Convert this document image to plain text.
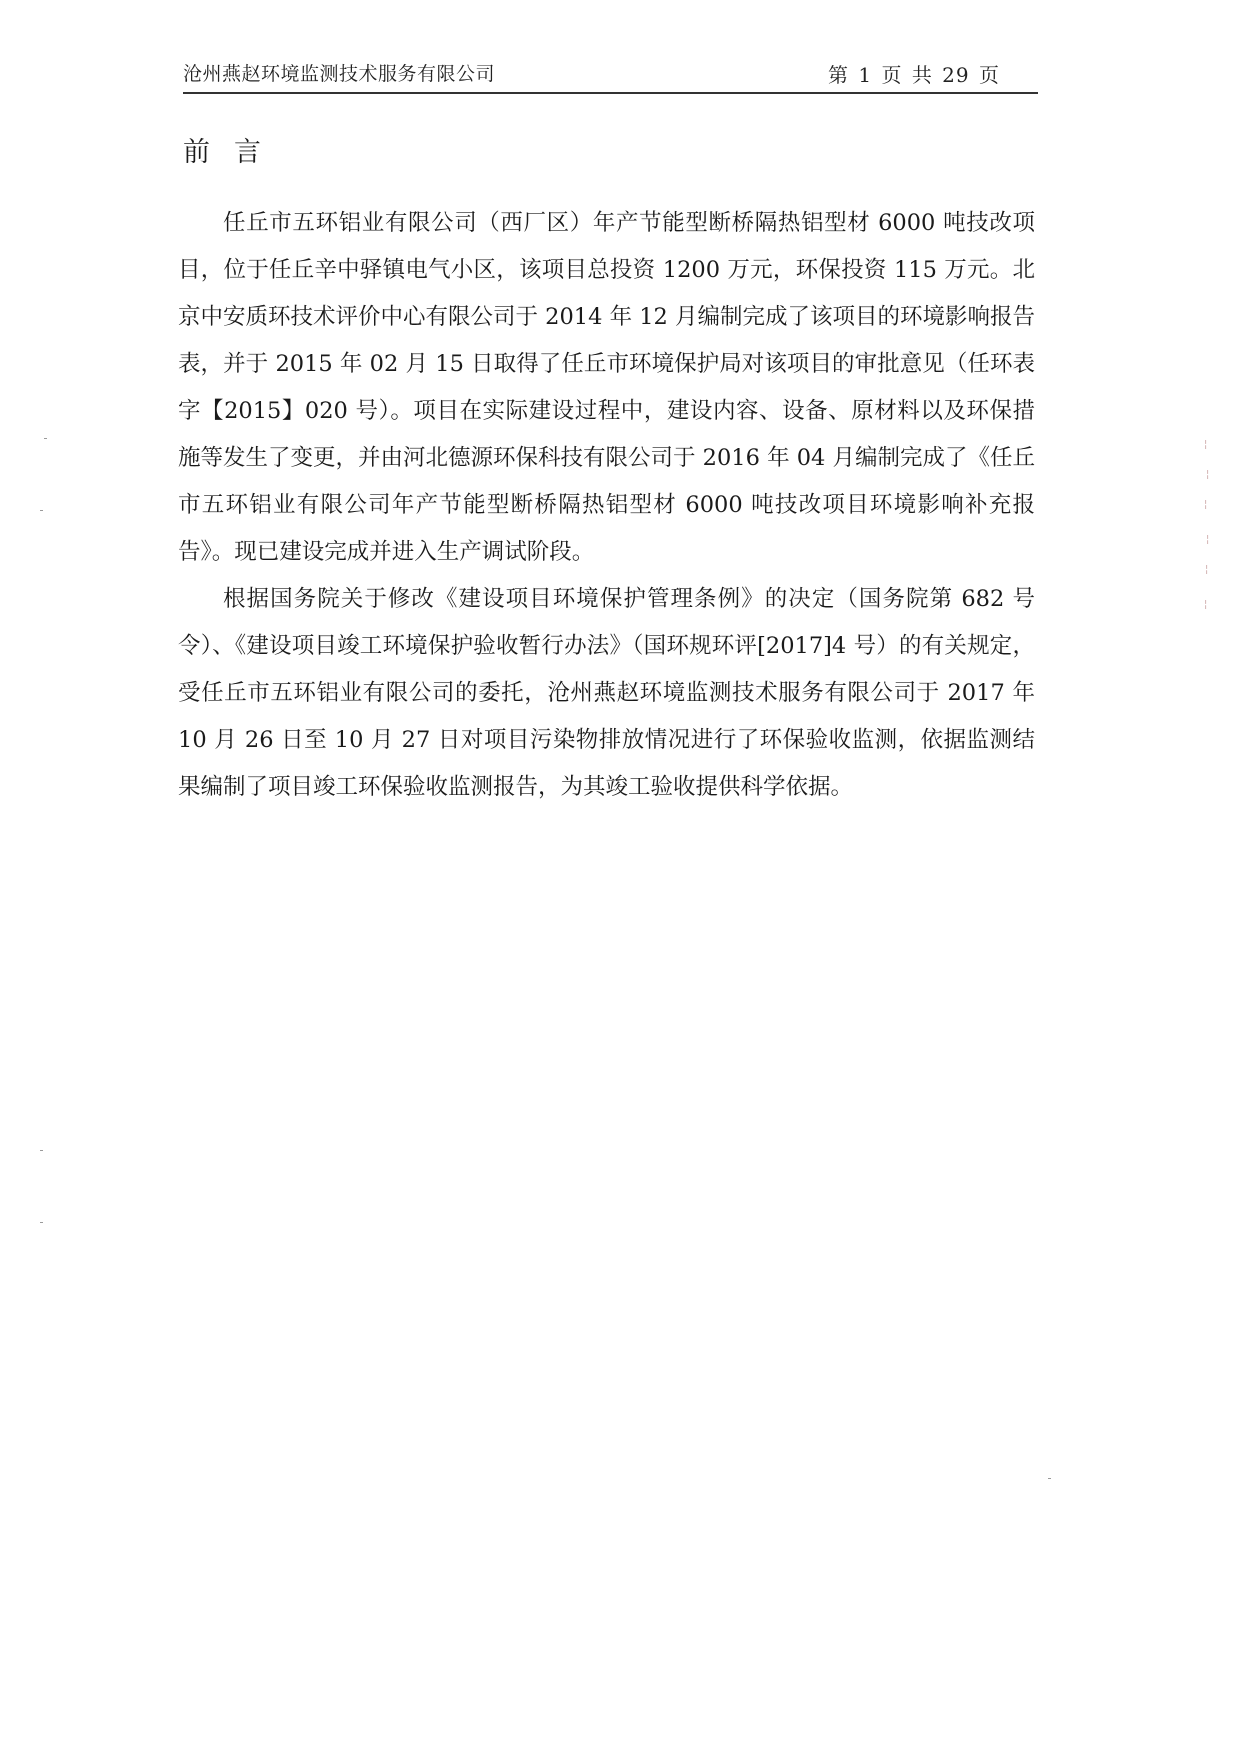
沧州燕赵环境监测技术服务有限公司	第 1 页 共 29 页
前言

任丘市五环铝业有限公司（西厂区）年产节能型断桥隔热铝型材 6000 吨技改项目，位于任丘辛中驿镇电气小区，该项目总投资 1200 万元，环保投资 115 万元。北京中安质环技术评价中心有限公司于 2014 年 12 月编制完成了该项目的环境影响报告表，并于 2015 年 02 月 15 日取得了任丘市环境保护局对该项目的审批意见（任环表字【2015】020 号）。项目在实际建设过程中，建设内容、设备、原材料以及环保措施等发生了变更，并由河北德源环保科技有限公司于 2016 年 04 月编制完成了《任丘市五环铝业有限公司年产节能型断桥隔热铝型材 6000 吨技改项目环境影响补充报告》。现已建设完成并进入生产调试阶段。

根据国务院关于修改《建设项目环境保护管理条例》的决定（国务院第 682 号令）、《建设项目竣工环境保护验收暂行办法》（国环规环评[2017]4 号）的有关规定，受任丘市五环铝业有限公司的委托，沧州燕赵环境监测技术服务有限公司于 2017 年 10 月 26 日至 10 月 27 日对项目污染物排放情况进行了环保验收监测，依据监测结果编制了项目竣工环保验收监测报告，为其竣工验收提供科学依据。

¦
¦
¦
¦
¦
¦
